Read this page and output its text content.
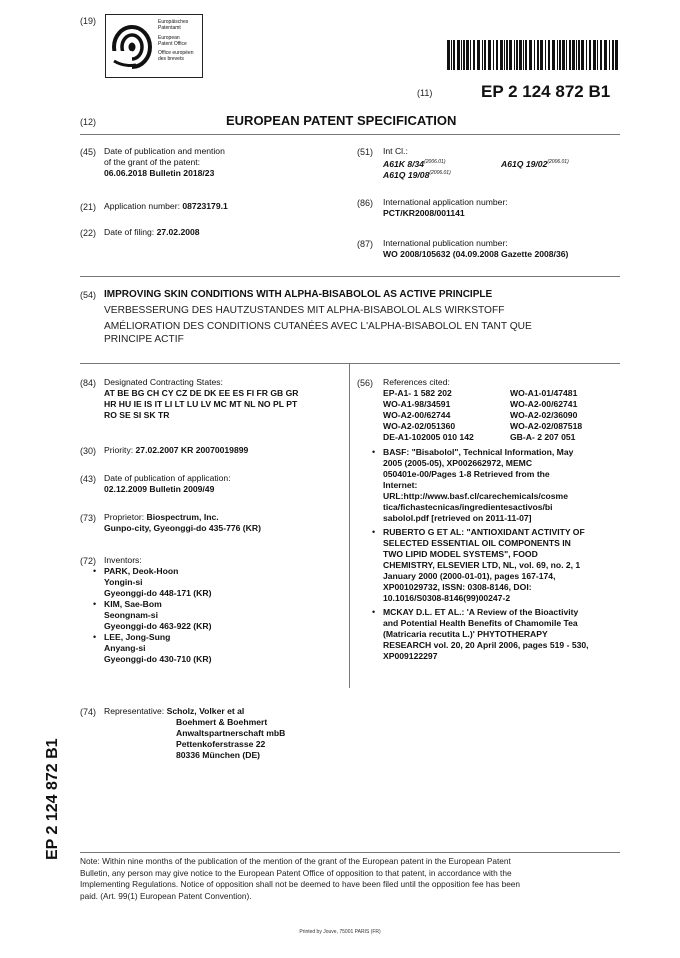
(19)	Europäisches
Patentamt
European
Patent Office
Office européen
des brevets
(11)	EP 2 124 872 B1
(12)	EUROPEAN PATENT SPECIFICATION
(45) Date of publication and mention
of the grant of the patent:
06.06.2018 Bulletin 2018/23
(21) Application number: 08723179.1
(22) Date of filing: 27.02.2008
(51) Int Cl.:
A61K $8/34^{(2006.01)}$	A61Q $19/02^{(2006.01)}$
A61Q $19/08^{(2006.01)}$
(86) International application number:
PCT/KR2008/001141
(87) International publication number:
WO 2008/105632 (04.09.2008 Gazette 2008/36)
(54) IMPROVING SKIN CONDITIONS WITH ALPHA-BISABOLOL AS ACTIVE PRINCIPLE
VERBESSERUNG DES HAUTZUSTANDES MIT ALPHA-BISABOLOL ALS WIRKSTOFF
AMÉLIORATION DES CONDITIONS CUTANÉES AVEC L'ALPHA-BISABOLOL EN TANT QUE
PRINCIPE ACTIF
(84) Designated Contracting States:
AT BE BG CH CY CZ DE DK EE ES FI FR GB GR
HR HU IE IS IT LI LT LU LV MC MT NL NO PL PT
RO SE SI SK TR
(30) Priority: 27.02.2007 KR 20070019899
(43) Date of publication of application:
02.12.2009 Bulletin 2009/49
(73) Proprietor: Biospectrum, Inc.
Gunpo-city, Gyeonggi-do 435-776 (KR)
(72) Inventors:
• PARK, Deok-Hoon
Yongin-si
Gyeonggi-do 448-171 (KR)
• KIM, Sae-Bom
Seongnam-si
Gyeonggi-do 463-922 (KR)
• LEE, Jong-Sung
Anyang-si
Gyeonggi-do 430-710 (KR)
(74) Representative: Scholz, Volker et al
Boehmert & Boehmert
Anwaltspartnerschaft mbB
Pettenkoferstrasse 22
80336 München (DE)
(56) References cited:
EP-A1- 1 582 202	WO-A1-01/47481
WO-A1-98/34591	WO-A2-00/62741
WO-A2-00/62744	WO-A2-02/36090
WO-A2-02/051360	WO-A2-02/087518
DE-A1-102005 010 142	GB-A- 2 207 051
• BASF: "Bisabolol", Technical Information, May
2005 (2005-05), XP002662972, MEMC
050401e-00/Pages 1-8 Retrieved from the
Internet:
URL:http://www.basf.cl/carechemicals/cosme
tica/fichastecnicas/ingredientesactivos/bi
sabolol.pdf [retrieved on 2011-11-07]
• RUBERTO G ET AL: "ANTIOXIDANT ACTIVITY OF
SELECTED ESSENTIAL OIL COMPONENTS IN
TWO LIPID MODEL SYSTEMS", FOOD
CHEMISTRY, ELSEVIER LTD, NL, vol. 69, no. 2, 1
January 2000 (2000-01-01), pages 167-174,
XP001029732, ISSN: 0308-8146, DOI:
10.1016/S0308-8146(99)00247-2
• MCKAY D.L. ET AL.: 'A Review of the Bioactivity
and Potential Health Benefits of Chamomile Tea
(Matricaria recutita L.)' PHYTOTHERAPY
RESEARCH vol. 20, 20 April 2006, pages 519 - 530,
XP009122297
EP 2 124 872 B1
Note: Within nine months of the publication of the mention of the grant of the European patent in the European Patent
Bulletin, any person may give notice to the European Patent Office of opposition to that patent, in accordance with the
Implementing Regulations. Notice of opposition shall not be deemed to have been filed until the opposition fee has been
paid. (Art. 99(1) European Patent Convention).
Printed by Jouve, 75001 PARIS (FR)
